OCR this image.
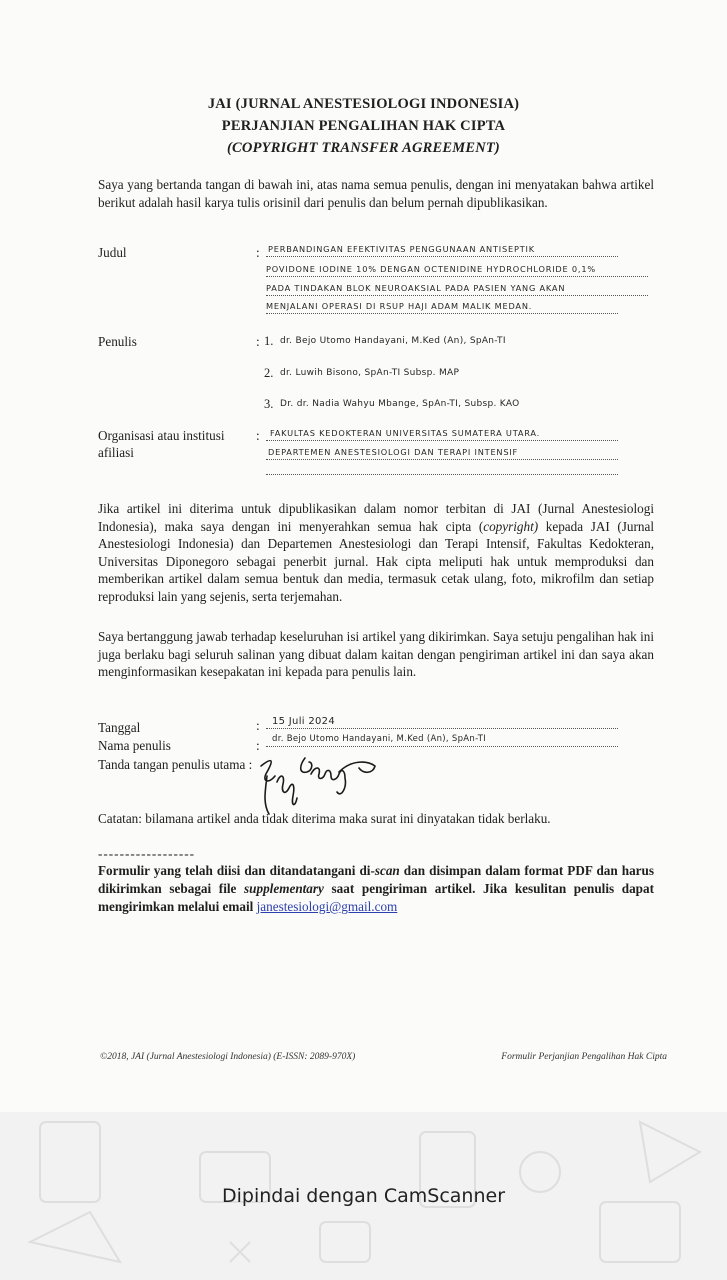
JAI (JURNAL ANESTESIOLOGI INDONESIA)
PERJANJIAN PENGALIHAN HAK CIPTA
(COPYRIGHT TRANSFER AGREEMENT)
Saya yang bertanda tangan di bawah ini, atas nama semua penulis, dengan ini menyatakan bahwa artikel berikut adalah hasil karya tulis orisinil dari penulis dan belum pernah dipublikasikan.
Judul	: PERBANDINGAN EFEKTIVITAS PENGGUNAAN ANTISEPTIK
POVIDONE IODINE 10% DENGAN OCTENIDINE HYDROCHLORIDE 0,1%
PADA TINDAKAN BLOK NEUROAKSIAL PADA PASIEN YANG AKAN
MENJALANI OPERASI DI RSUP HAJI ADAM MALIK MEDAN.
Penulis	: 1. dr. Bejo Utomo Handayani, M.Ked (An), SpAn-TI
2. dr. Luwih Bisono, SpAn-TI Subsp. MAP
3. Dr. dr. Nadia Wahyu Mbange, SpAn-TI, Subsp. KAO
Organisasi atau institusi
afiliasi
: FAKULTAS KEDOKTERAN UNIVERSITAS SUMATERA UTARA.
DEPARTEMEN ANESTESIOLOGI DAN TERAPI INTENSIF
Jika artikel ini diterima untuk dipublikasikan dalam nomor terbitan di JAI (Jurnal Anestesiologi Indonesia), maka saya dengan ini menyerahkan semua hak cipta (copyright) kepada JAI (Jurnal Anestesiologi Indonesia) dan Departemen Anestesiologi dan Terapi Intensif, Fakultas Kedokteran, Universitas Diponegoro sebagai penerbit jurnal. Hak cipta meliputi hak untuk memproduksi dan memberikan artikel dalam semua bentuk dan media, termasuk cetak ulang, foto, mikrofilm dan setiap reproduksi lain yang sejenis, serta terjemahan.
Saya bertanggung jawab terhadap keseluruhan isi artikel yang dikirimkan. Saya setuju pengalihan hak ini juga berlaku bagi seluruh salinan yang dibuat dalam kaitan dengan pengiriman artikel ini dan saya akan menginformasikan kesepakatan ini kepada para penulis lain.
Tanggal	: 15 Juli 2024
Nama penulis	: dr. Bejo Utomo Handayani, M.Ked (An), SpAn-TI
Tanda tangan penulis utama :
Catatan: bilamana artikel anda tidak diterima maka surat ini dinyatakan tidak berlaku.
------------------
Formulir yang telah diisi dan ditandatangani di-scan dan disimpan dalam format PDF dan harus dikirimkan sebagai file supplementary saat pengiriman artikel. Jika kesulitan penulis dapat mengirimkan melalui email janestesiologi@gmail.com
©2018, JAI (Jurnal Anestesiologi Indonesia) (E-ISSN: 2089-970X)	Formulir Perjanjian Pengalihan Hak Cipta
Dipindai dengan CamScanner
